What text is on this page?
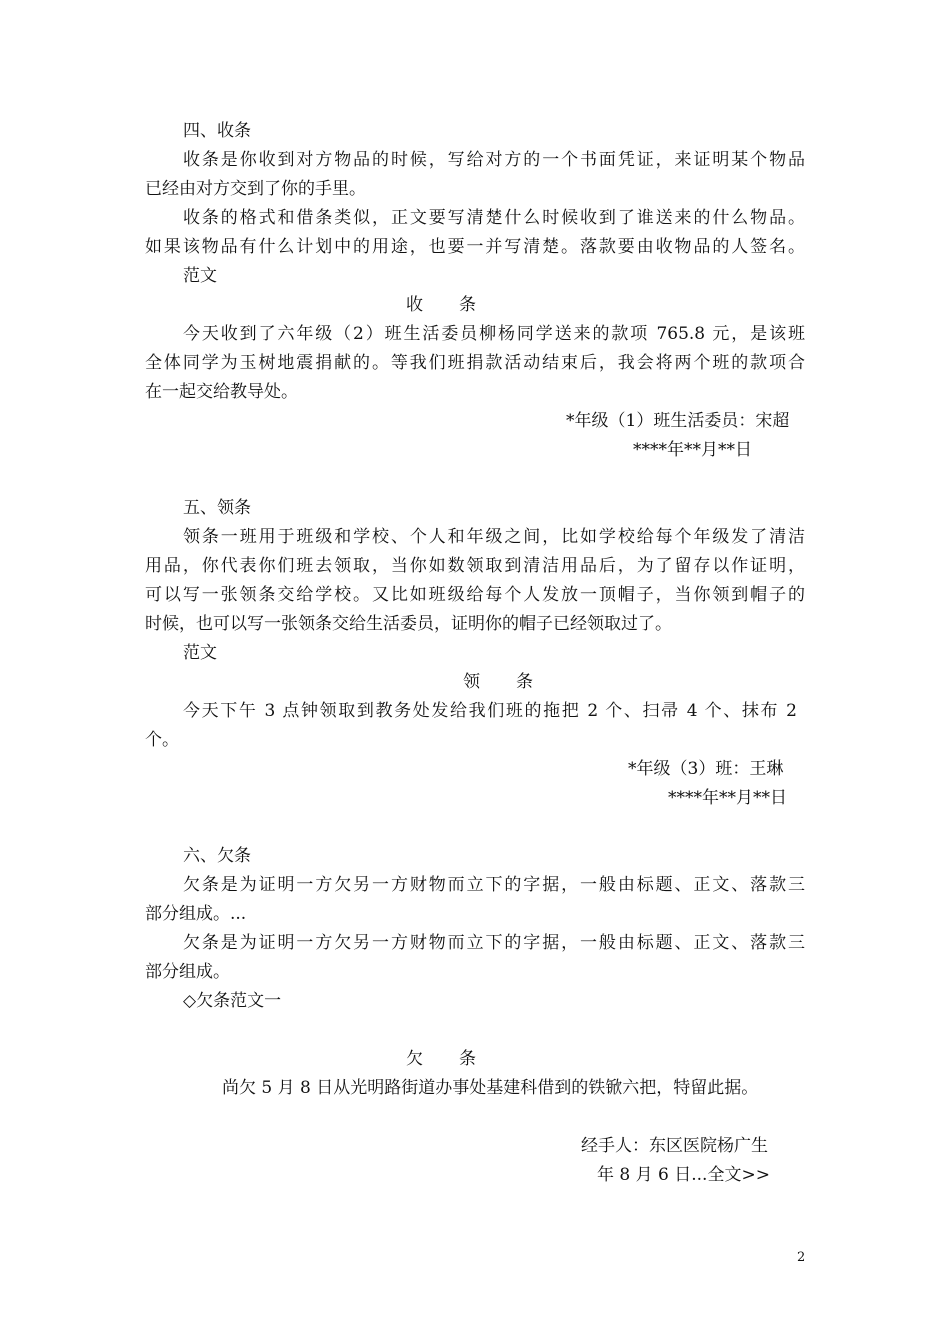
四、收条
收条是你收到对方物品的时候，写给对方的一个书面凭证，来证明某个物品
已经由对方交到了你的手里。
收条的格式和借条类似，正文要写清楚什么时候收到了谁送来的什么物品。
如果该物品有什么计划中的用途，也要一并写清楚。落款要由收物品的人签名。
范文
收条
今天收到了六年级（2）班生活委员柳杨同学送来的款项 765.8 元，是该班
全体同学为玉树地震捐献的。等我们班捐款活动结束后，我会将两个班的款项合
在一起交给教导处。
*年级（1）班生活委员：宋超
****年**月**日
五、领条
领条一班用于班级和学校、个人和年级之间，比如学校给每个年级发了清洁
用品，你代表你们班去领取，当你如数领取到清洁用品后，为了留存以作证明，
可以写一张领条交给学校。又比如班级给每个人发放一顶帽子，当你领到帽子的
时候，也可以写一张领条交给生活委员，证明你的帽子已经领取过了。
范文
领条
今天下午 3 点钟领取到教务处发给我们班的拖把 2 个、扫帚 4 个、抹布 2
个。
*年级（3）班：王琳
****年**月**日
六、欠条
欠条是为证明一方欠另一方财物而立下的字据，一般由标题、正文、落款三
部分组成。...
欠条是为证明一方欠另一方财物而立下的字据，一般由标题、正文、落款三
部分组成。
◇欠条范文一
欠条
尚欠 5 月 8 日从光明路街道办事处基建科借到的铁锨六把，特留此据。
经手人：东区医院杨广生
年 8 月 6 日...全文>>
2
